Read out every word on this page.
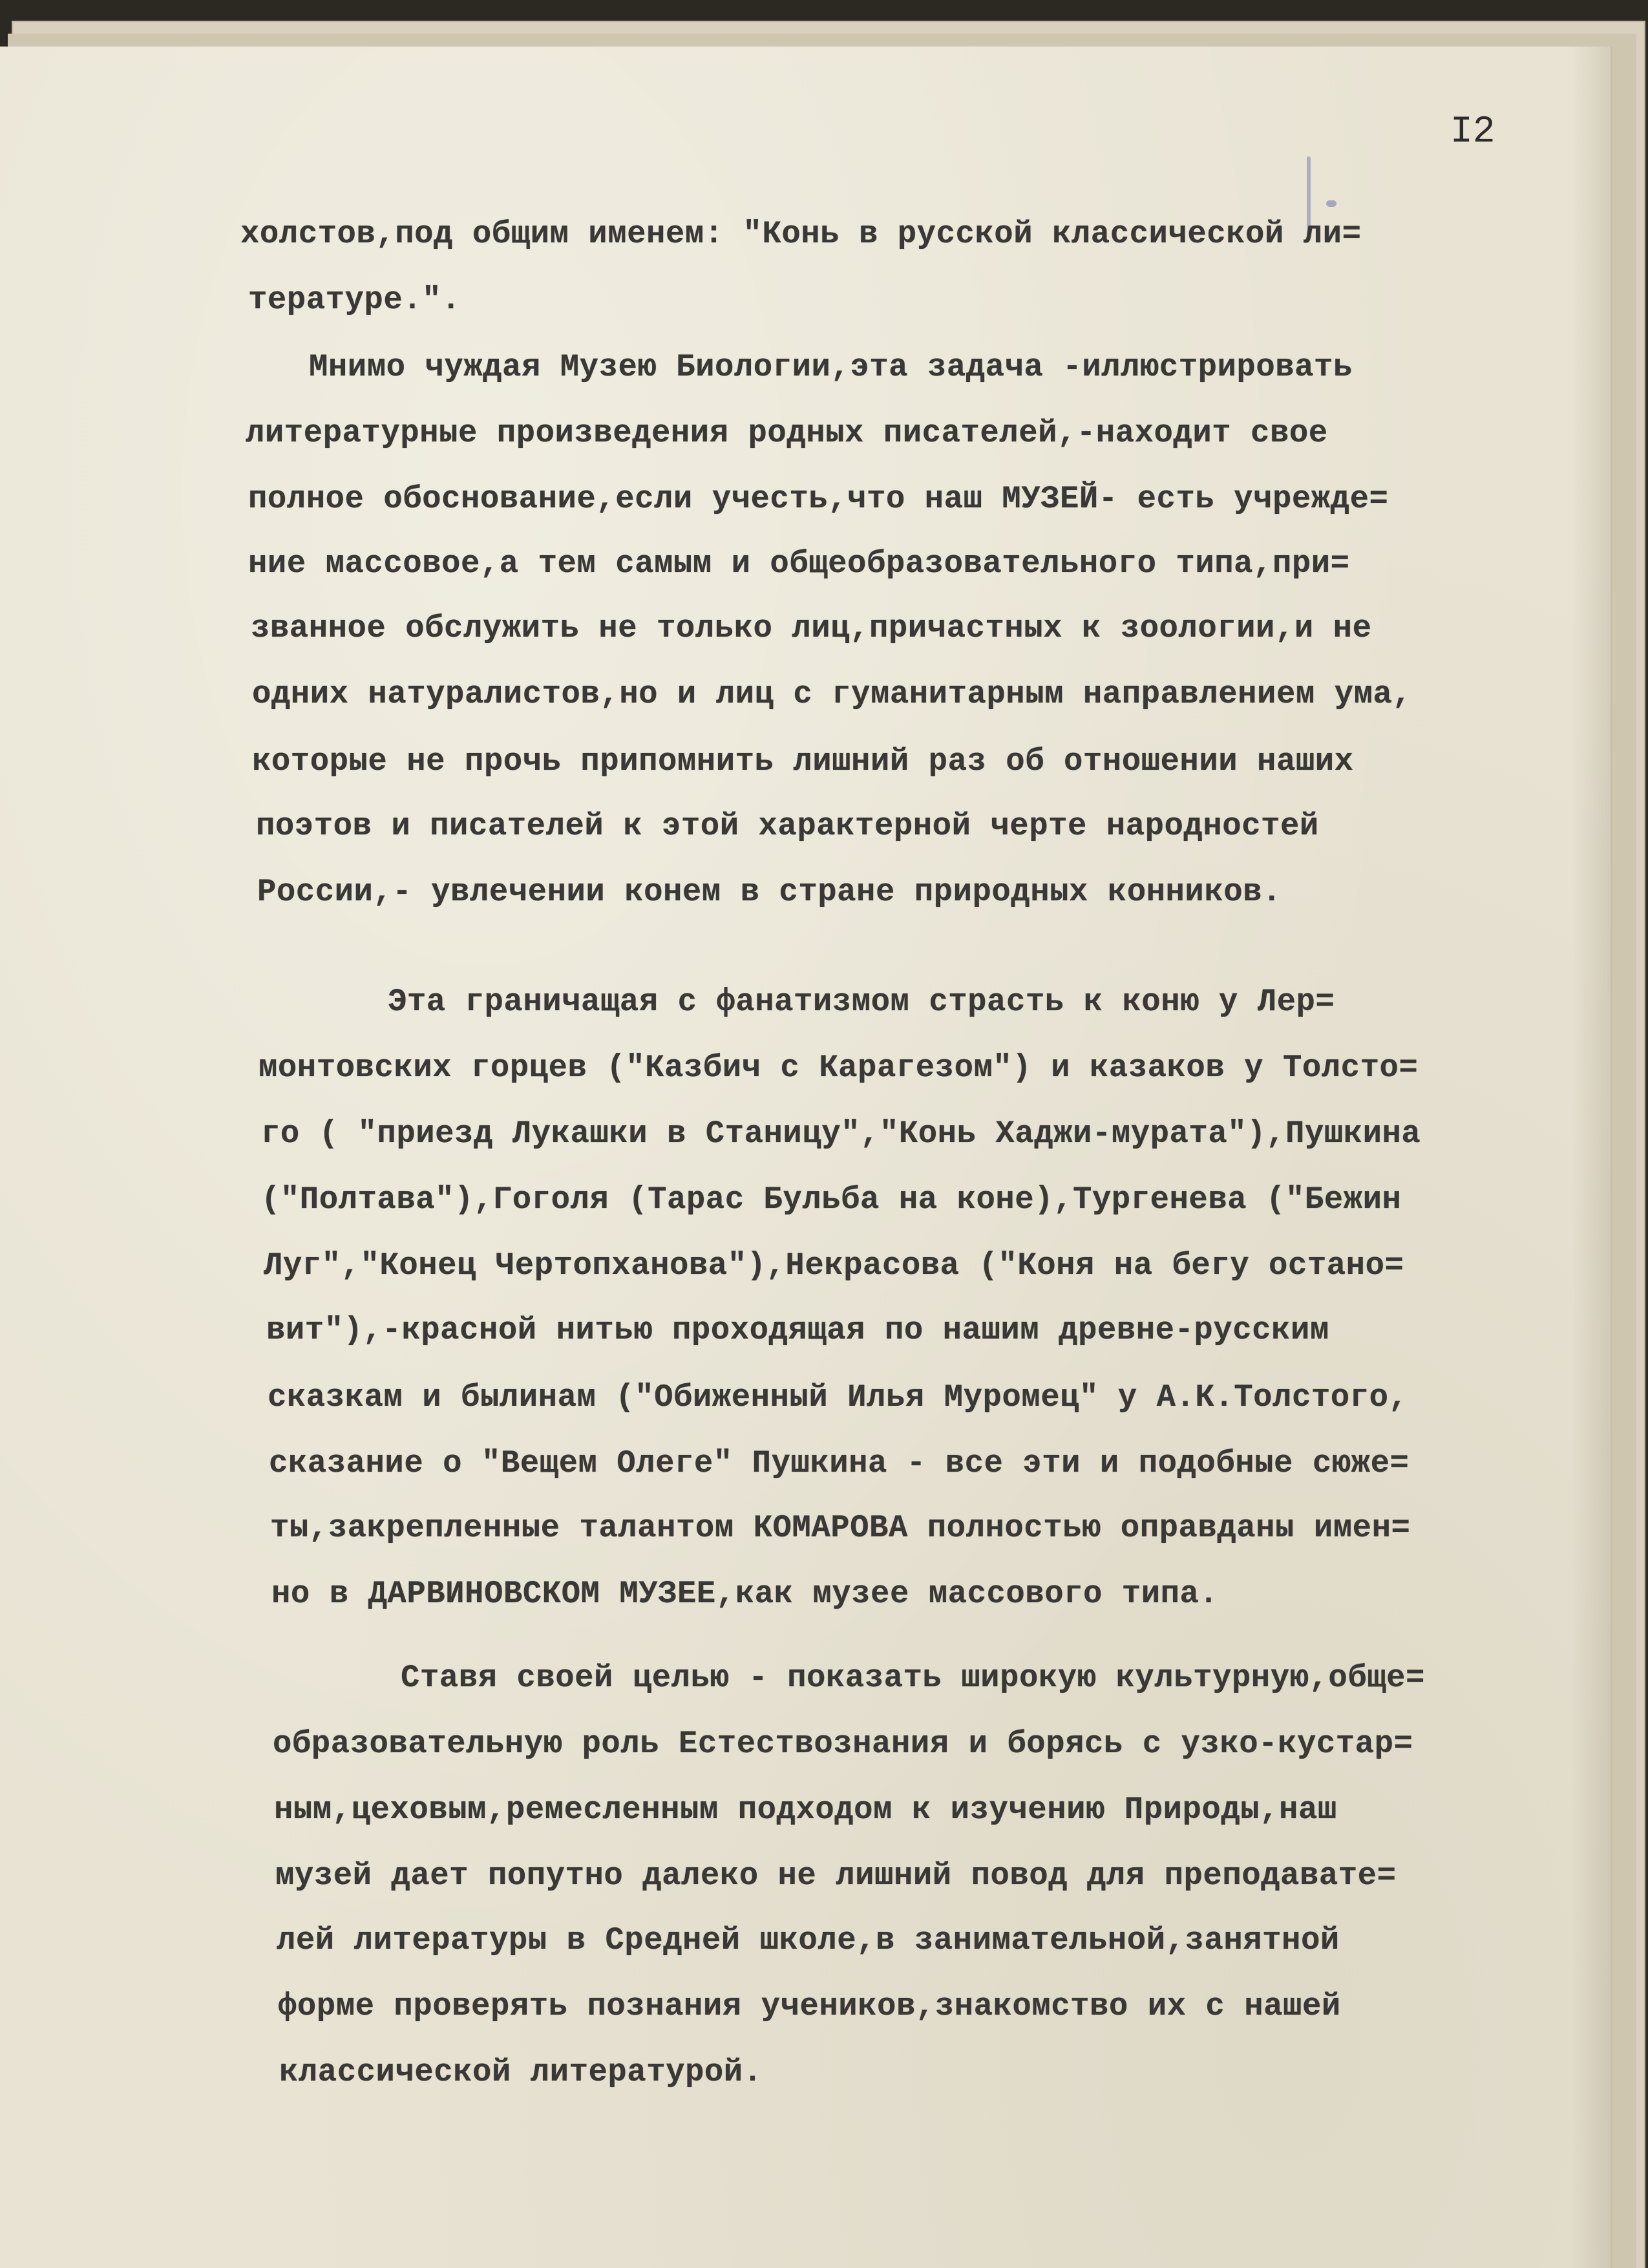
I2

холстов,под общим именем: "Конь в русской классической ли=
тературе.".
Мнимо чуждая Музею Биологии,эта задача -иллюстрировать
литературные произведения родных писателей,-находит свое
полное обоснование,если учесть,что наш МУЗЕЙ- есть учрежде=
ние массовое,а тем самым и общеобразовательного типа,при=
званное обслужить не только лиц,причастных к зоологии,и не
одних натуралистов,но и лиц с гуманитарным направлением ума,
которые не прочь припомнить лишний раз об отношении наших
поэтов и писателей к этой характерной черте народностей
России,- увлечении конем в стране природных конников.
Эта граничащая с фанатизмом страсть к коню у Лер=
монтовских горцев ("Казбич с Карагезом") и казаков у Толсто=
го ( "приезд Лукашки в Станицу","Конь Хаджи-мурата"),Пушкина
("Полтава"),Гоголя (Тарас Бульба на коне),Тургенева ("Бежин
Луг","Конец Чертопханова"),Некрасова ("Коня на бегу остано=
вит"),-красной нитью проходящая по нашим древне-русским
сказкам и былинам ("Обиженный Илья Муромец" у А.К.Толстого,
сказание о "Вещем Олеге" Пушкина - все эти и подобные сюже=
ты,закрепленные талантом КОМАРОВА полностью оправданы имен=
но в ДАРВИНОВСКОМ МУЗЕЕ,как музее массового типа.
Ставя своей целью - показать широкую культурную,обще=
образовательную роль Естествознания и борясь с узко-кустар=
ным,цеховым,ремесленным подходом к изучению Природы,наш
музей дает попутно далеко не лишний повод для преподавате=
лей литературы в Средней школе,в занимательной,занятной
форме проверять познания учеников,знакомство их с нашей
классической литературой.
